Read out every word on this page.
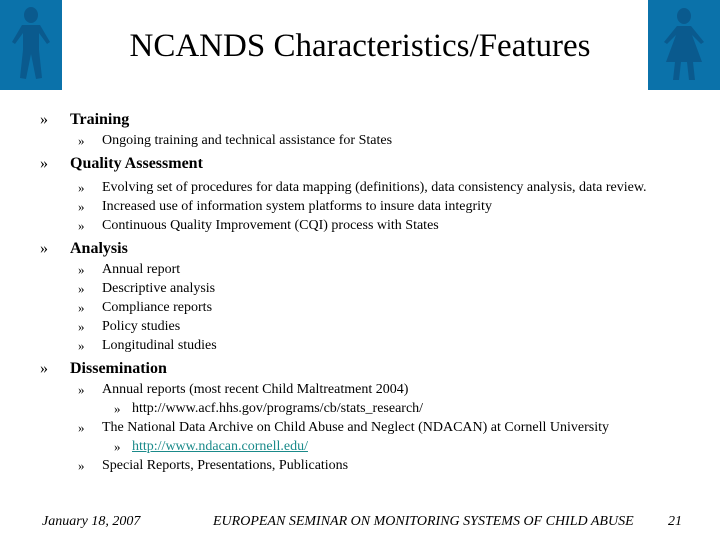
NCANDS Characteristics/Features
» Training
» Ongoing training and technical assistance for States
» Quality Assessment
» Evolving set of procedures for data mapping (definitions), data consistency analysis, data review.
» Increased use of information system platforms to insure data integrity
» Continuous Quality Improvement (CQI) process with States
» Analysis
» Annual report
» Descriptive analysis
» Compliance reports
» Policy studies
» Longitudinal studies
» Dissemination
» Annual reports (most recent Child Maltreatment 2004)
» http://www.acf.hhs.gov/programs/cb/stats_research/
» The National Data Archive on Child Abuse and Neglect (NDACAN) at Cornell University
» http://www.ndacan.cornell.edu/
» Special Reports, Presentations, Publications
January 18, 2007	EUROPEAN SEMINAR ON MONITORING SYSTEMS OF CHILD ABUSE 21
